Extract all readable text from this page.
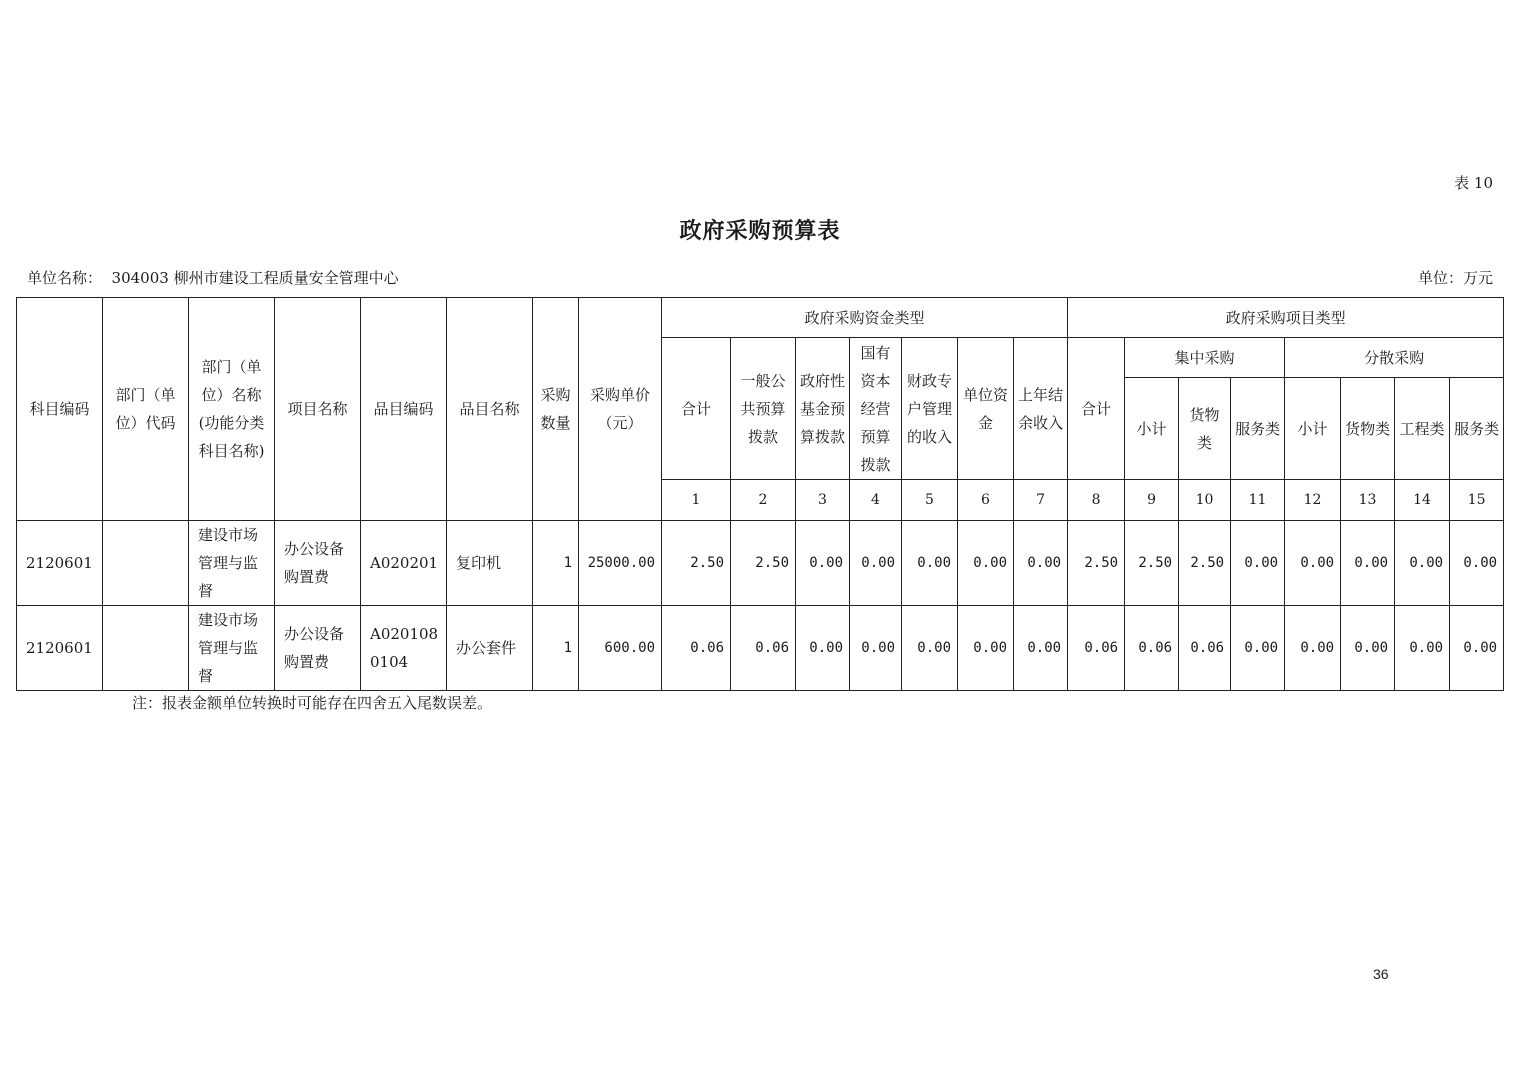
表 10
政府采购预算表
单位名称：  304003 柳州市建设工程质量安全管理中心	单位：万元
科目编码	部门（单位）代码	部门（单位）名称(功能分类科目名称)	项目名称	品目编码	品目名称	采购数量	采购单价（元）	政府采购资金类型							政府采购项目类型							
								合计	一般公共预算拨款	政府性基金预算拨款	国有资本经营预算拨款	财政专户管理的收入	单位资金	上年结余收入	合计	集中采购			分散采购			
																小计	货物类	服务类	小计	货物类	工程类	服务类
								1	2	3	4	5	6	7	8	9	10	11	12	13	14	15
2120601		建设市场管理与监督	办公设备购置费	A020201	复印机	1	25000.00	2.50	2.50	0.00	0.00	0.00	0.00	0.00	2.50	2.50	2.50	0.00	0.00	0.00	0.00	0.00
2120601		建设市场管理与监督	办公设备购置费	A0201080104	办公套件	1	600.00	0.06	0.06	0.00	0.00	0.00	0.00	0.00	0.06	0.06	0.06	0.00	0.00	0.00	0.00	0.00
注：报表金额单位转换时可能存在四舍五入尾数误差。
36
